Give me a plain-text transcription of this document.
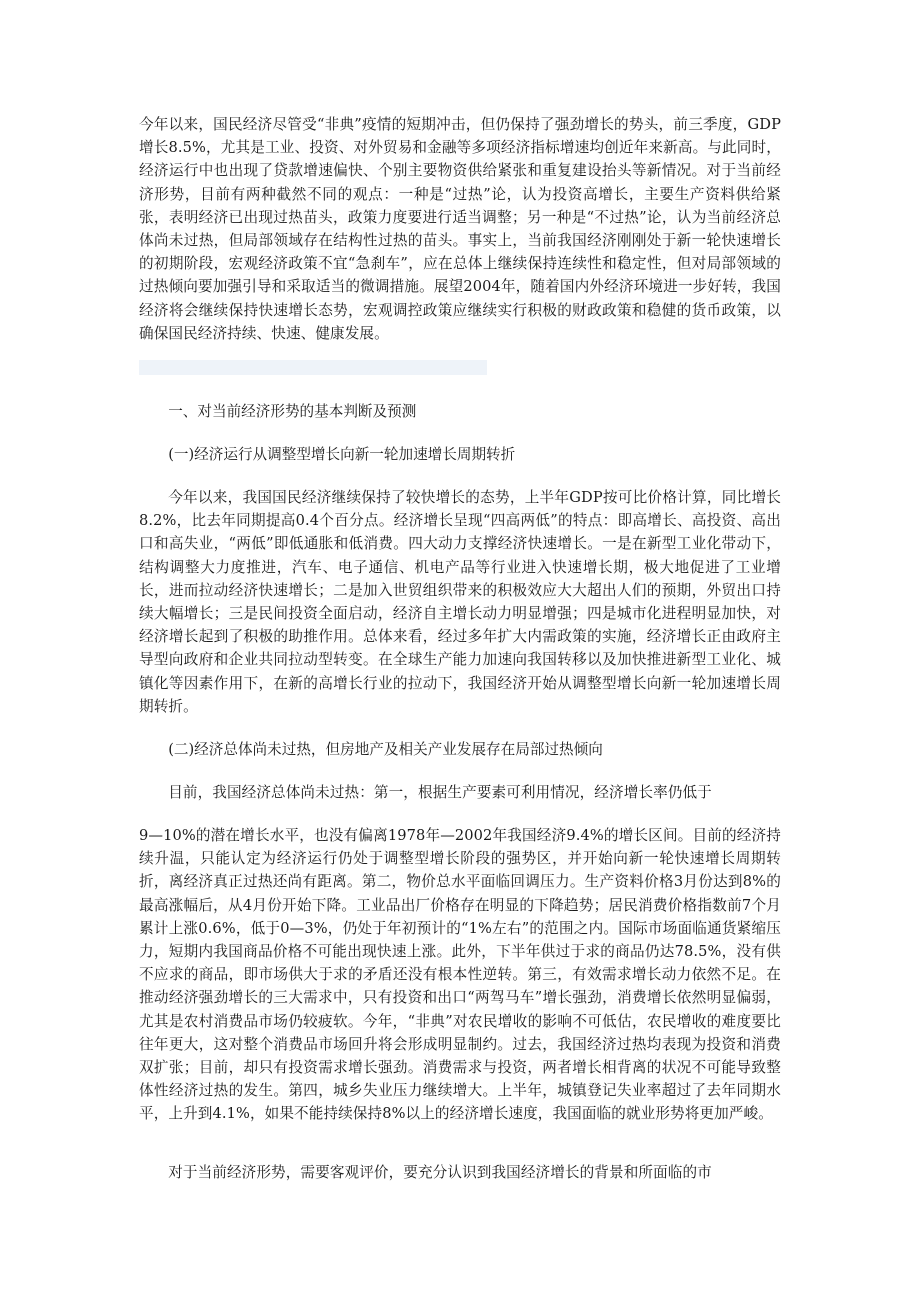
今年以来，国民经济尽管受“非典”疫情的短期冲击，但仍保持了强劲增长的势头，前三季度，GDP增长8.5%，尤其是工业、投资、对外贸易和金融等多项经济指标增速均创近年来新高。与此同时，经济运行中也出现了贷款增速偏快、个别主要物资供给紧张和重复建设抬头等新情况。对于当前经济形势，目前有两种截然不同的观点：一种是“过热”论，认为投资高增长，主要生产资料供给紧张，表明经济已出现过热苗头，政策力度要进行适当调整；另一种是“不过热”论，认为当前经济总体尚未过热，但局部领域存在结构性过热的苗头。事实上，当前我国经济刚刚处于新一轮快速增长的初期阶段，宏观经济政策不宜“急刹车”，应在总体上继续保持连续性和稳定性，但对局部领域的过热倾向要加强引导和采取适当的微调措施。展望2004年，随着国内外经济环境进一步好转，我国经济将会继续保持快速增长态势，宏观调控政策应继续实行积极的财政政策和稳健的货币政策，以确保国民经济持续、快速、健康发展。

一、对当前经济形势的基本判断及预测

(一)经济运行从调整型增长向新一轮加速增长周期转折

今年以来，我国国民经济继续保持了较快增长的态势，上半年GDP按可比价格计算，同比增长8.2%，比去年同期提高0.4个百分点。经济增长呈现“四高两低”的特点：即高增长、高投资、高出口和高失业，“两低”即低通胀和低消费。四大动力支撑经济快速增长。一是在新型工业化带动下，结构调整大力度推进，汽车、电子通信、机电产品等行业进入快速增长期，极大地促进了工业增长，进而拉动经济快速增长；二是加入世贸组织带来的积极效应大大超出人们的预期，外贸出口持续大幅增长；三是民间投资全面启动，经济自主增长动力明显增强；四是城市化进程明显加快，对经济增长起到了积极的助推作用。总体来看，经过多年扩大内需政策的实施，经济增长正由政府主导型向政府和企业共同拉动型转变。在全球生产能力加速向我国转移以及加快推进新型工业化、城镇化等因素作用下，在新的高增长行业的拉动下，我国经济开始从调整型增长向新一轮加速增长周期转折。

(二)经济总体尚未过热，但房地产及相关产业发展存在局部过热倾向

目前，我国经济总体尚未过热：第一，根据生产要素可利用情况，经济增长率仍低于

9—10%的潜在增长水平，也没有偏离1978年—2002年我国经济9.4%的增长区间。目前的经济持续升温，只能认定为经济运行仍处于调整型增长阶段的强势区，并开始向新一轮快速增长周期转折，离经济真正过热还尚有距离。第二，物价总水平面临回调压力。生产资料价格3月份达到8%的最高涨幅后，从4月份开始下降。工业品出厂价格存在明显的下降趋势；居民消费价格指数前7个月累计上涨0.6%，低于0—3%，仍处于年初预计的“1%左右”的范围之内。国际市场面临通货紧缩压力，短期内我国商品价格不可能出现快速上涨。此外，下半年供过于求的商品仍达78.5%，没有供不应求的商品，即市场供大于求的矛盾还没有根本性逆转。第三，有效需求增长动力依然不足。在推动经济强劲增长的三大需求中，只有投资和出口“两驾马车”增长强劲，消费增长依然明显偏弱，尤其是农村消费品市场仍较疲软。今年，“非典”对农民增收的影响不可低估，农民增收的难度要比往年更大，这对整个消费品市场回升将会形成明显制约。过去，我国经济过热均表现为投资和消费双扩张；目前，却只有投资需求增长强劲。消费需求与投资，两者增长相背离的状况不可能导致整体性经济过热的发生。第四，城乡失业压力继续增大。上半年，城镇登记失业率超过了去年同期水平，上升到4.1%，如果不能持续保持8%以上的经济增长速度，我国面临的就业形势将更加严峻。

对于当前经济形势，需要客观评价，要充分认识到我国经济增长的背景和所面临的市
